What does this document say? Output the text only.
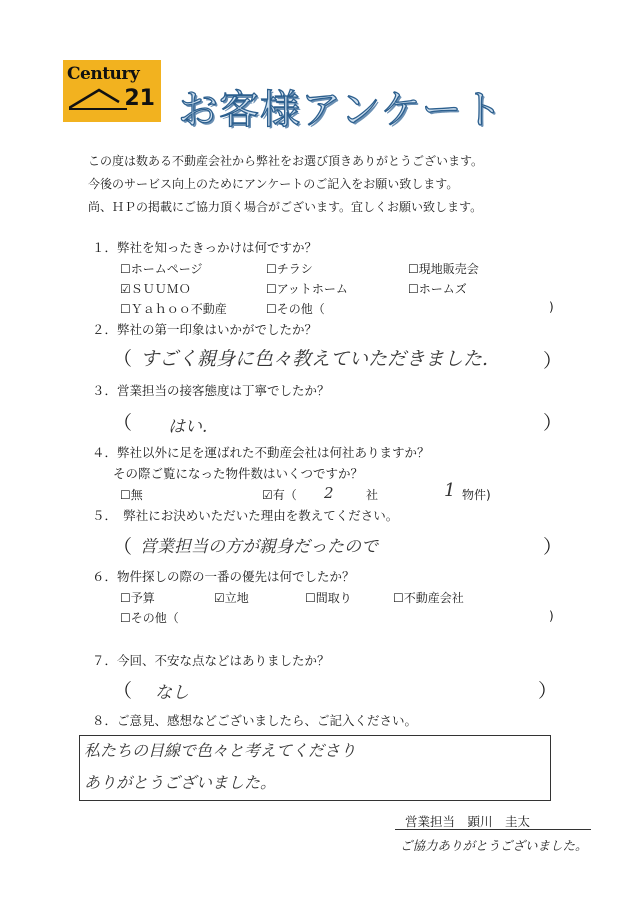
Century
21 お客様アンケート
この度は数ある不動産会社から弊社をお選び頂きありがとうございます。
今後のサービス向上のためにアンケートのご記入をお願い致します。
尚、ＨＰの掲載にご協力頂く場合がございます。宜しくお願い致します。
１．弊社を知ったきっかけは何ですか？
☐ホームページ	☐チラシ	☐現地販売会
☑ＳＵＵＭＯ	☐アットホーム	☐ホームズ
☐Ｙａｈｏｏ不動産	☐その他（	)
２．弊社の第一印象はいかがでしたか？
（ すごく親身に色々教えていただきました.	）
３．営業担当の接客態度は丁寧でしたか？
（ はい.	）
４．弊社以外に足を運ばれた不動産会社は何社ありますか？
その際ご覧になった物件数はいくつですか？
☐無	☑有（ 2	社	1 物件)
５．　弊社にお決めいただいた理由を教えてください。
（ 営業担当の方が親身だったので	）
６．物件探しの際の一番の優先は何でしたか？
☐予算	☑立地	☐間取り	☐不動産会社
☐その他（	)
７．今回、不安な点などはありましたか？
（ なし	）
８．ご意見、感想などございましたら、ご記入ください。
私たちの目線で色々と考えてくださり
ありがとうございました。
営業担当　顕川　圭太
ご協力ありがとうございました。
